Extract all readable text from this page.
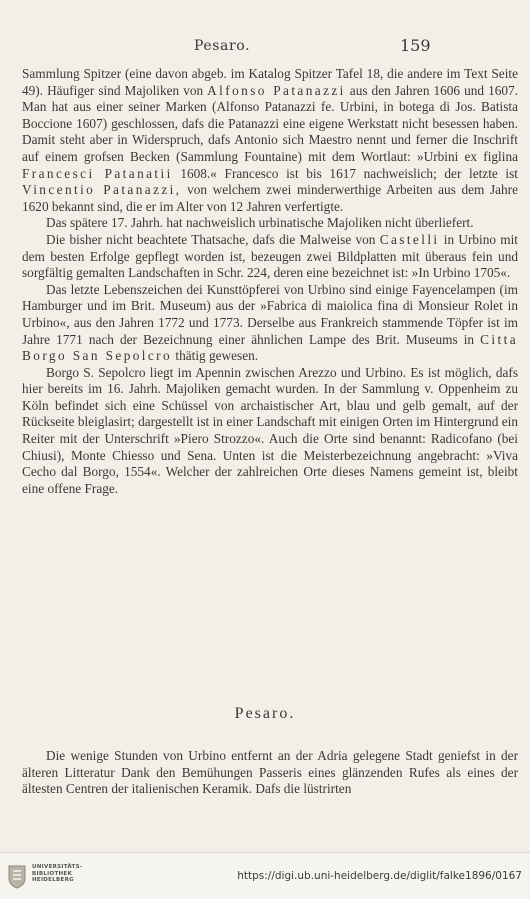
Pesaro.	159

Sammlung Spitzer (eine davon abgeb. im Katalog Spitzer Tafel 18, die andere im Text Seite 49). Häufiger sind Majoliken von Alfonso Patanazzi aus den Jahren 1606 und 1607. Man hat aus einer seiner Marken (Alfonso Patanazzi fe. Urbini, in botega di Jos. Batista Boccione 1607) geschlossen, dafs die Patanazzi eine eigene Werkstatt nicht besessen haben. Damit steht aber in Widerspruch, dafs Antonio sich Maestro nennt und ferner die Inschrift auf einem grofsen Becken (Sammlung Fountaine) mit dem Wortlaut: »Urbini ex figlina Francesci Patanatii 1608.« Francesco ist bis 1617 nachweislich; der letzte ist Vincentio Patanazzi, von welchem zwei minderwerthige Arbeiten aus dem Jahre 1620 bekannt sind, die er im Alter von 12 Jahren verfertigte.

Das spätere 17. Jahrh. hat nachweislich urbinatische Majoliken nicht überliefert.

Die bisher nicht beachtete Thatsache, dafs die Malweise von Castelli in Urbino mit dem besten Erfolge gepflegt worden ist, bezeugen zwei Bildplatten mit überaus fein und sorgfältig gemalten Landschaften in Schr. 224, deren eine bezeichnet ist: »In Urbino 1705«.

Das letzte Lebenszeichen dei Kunsttöpferei von Urbino sind einige Fayencelampen (im Hamburger und im Brit. Museum) aus der »Fabrica di maiolica fina di Monsieur Rolet in Urbino«, aus den Jahren 1772 und 1773. Derselbe aus Frankreich stammende Töpfer ist im Jahre 1771 nach der Bezeichnung einer ähnlichen Lampe des Brit. Museums in Citta Borgo San Sepolcro thätig gewesen.

Borgo S. Sepolcro liegt im Apennin zwischen Arezzo und Urbino. Es ist möglich, dafs hier bereits im 16. Jahrh. Majoliken gemacht wurden. In der Sammlung v. Oppenheim zu Köln befindet sich eine Schüssel von archaistischer Art, blau und gelb gemalt, auf der Rückseite bleiglasirt; dargestellt ist in einer Landschaft mit einigen Orten im Hintergrund ein Reiter mit der Unterschrift »Piero Strozzo«. Auch die Orte sind benannt: Radicofano (bei Chiusi), Monte Chiesso und Sena. Unten ist die Meisterbezeichnung angebracht: »Viva Cecho dal Borgo, 1554«. Welcher der zahlreichen Orte dieses Namens gemeint ist, bleibt eine offene Frage.

Pesaro.

Die wenige Stunden von Urbino entfernt an der Adria gelegene Stadt geniefst in der älteren Litteratur Dank den Bemühungen Passeris eines glänzenden Rufes als eines der ältesten Centren der italienischen Keramik. Dafs die lüstrirten

UNIVERSITÄTS-
BIBLIOTHEK
HEIDELBERG	https://digi.ub.uni-heidelberg.de/diglit/falke1896/0167
